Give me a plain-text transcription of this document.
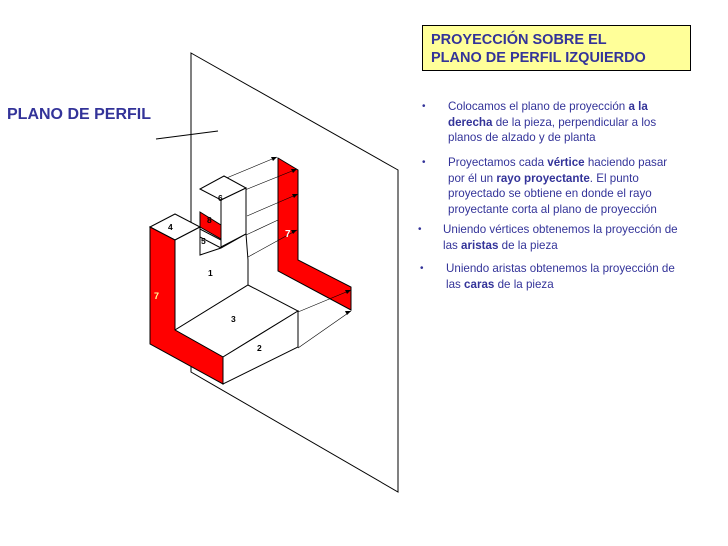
6
8
4
5
1
7
3
2
7
PROYECCIÓN SOBRE EL
PLANO DE PERFIL IZQUIERDO
PLANO DE PERFIL	• Colocamos el plano de proyección a la derecha de la pieza, perpendicular a los planos de alzado y de planta
• Proyectamos cada vértice haciendo pasar por él un rayo proyectante. El punto proyectado se obtiene en donde el rayo proyectante corta al plano de proyección
• Uniendo vértices obtenemos la proyección de las aristas de la pieza
• Uniendo aristas obtenemos la proyección de las caras de la pieza
